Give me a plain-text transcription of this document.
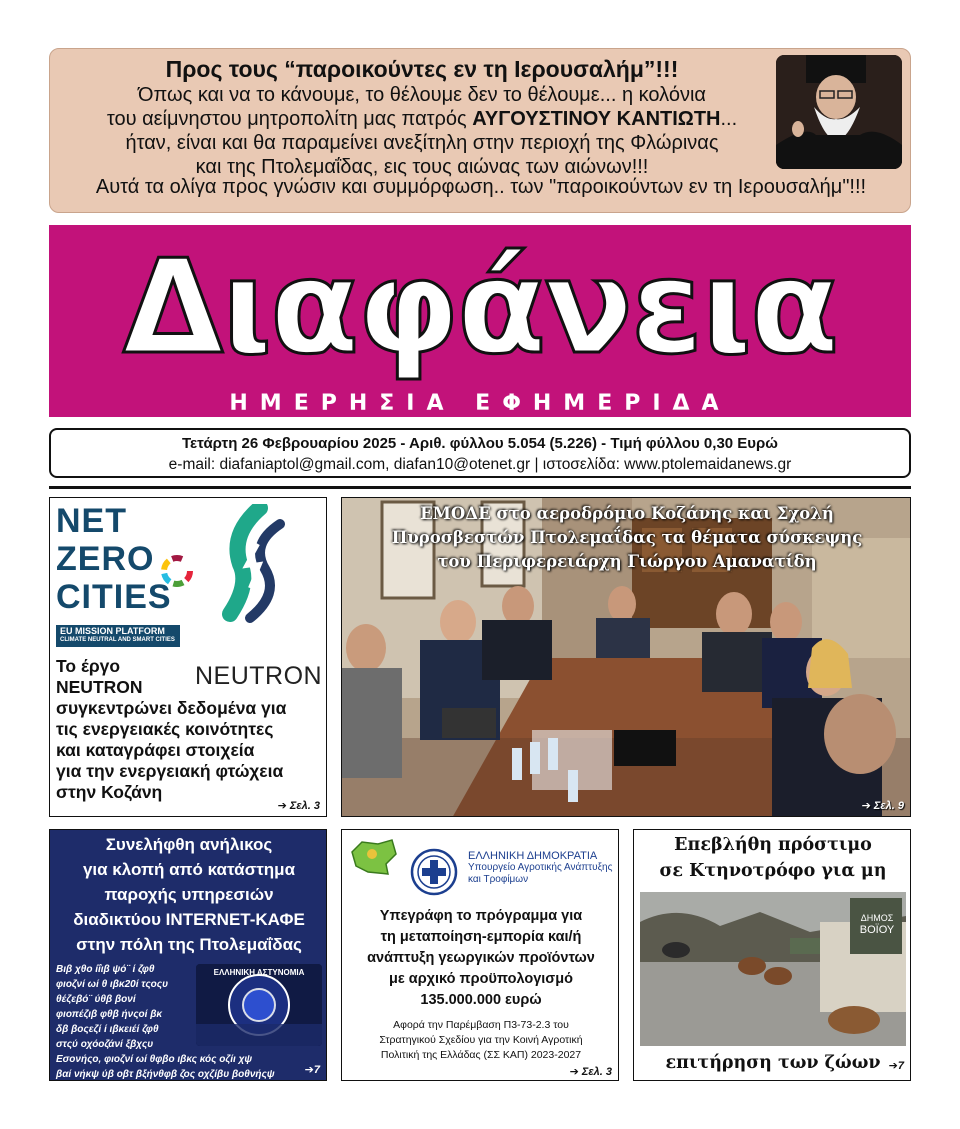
Προς τους “παροικούντες εν τη Ιερουσαλήμ”!!!
Όπως και να το κάνουμε, το θέλουμε δεν το θέλουμε... η κολόνια
του αείμνηστου μητροπολίτη μας πατρός ΑΥΓΟΥΣΤΙΝΟΥ ΚΑΝΤΙΩΤΗ...
ήταν, είναι και θα παραμείνει ανεξίτηλη στην περιοχή της Φλώρινας
και της Πτολεμαΐδας, εις τους αιώνας των αιώνων!!!
Αυτά τα ολίγα προς γνώσιν και συμμόρφωση.. των "παροικούντων εν τη Ιερουσαλήμ"!!!
Διαφάνεια
ΗΜΕΡΗΣΙΑ ΕΦΗΜΕΡΙΔΑ
Τετάρτη 26 Φεβρουαρίου 2025 - Αριθ. φύλλου 5.054 (5.226) - Τιμή φύλλου 0,30 Ευρώ
e-mail: diafaniaptol@gmail.com, diafan10@otenet.gr | ιστοσελίδα: www.ptolemaidanews.gr
NET
ZERO
CITIES
EU MISSION PLATFORM
CLIMATE NEUTRAL AND SMART CITIES
NEUTRON
Το έργο
NEUTRON
συγκεντρώνει δεδομένα για
τις ενεργειακές κοινότητες
και καταγράφει στοιχεία
για την ενεργειακή φτώχεια
στην Κοζάνη
➔ Σελ. 3
ΕΜΟΔΕ στο αεροδρόμιο Κοζάνης και Σχολή
Πυροσβεστών Πτολεμαΐδας τα θέματα σύσκεψης
του Περιφερειάρχη Γιώργου Αμανατίδη
➔ Σελ. 9
Συνελήφθη ανήλικος
για κλοπή από κατάστημα
παροχής υπηρεσιών
διαδικτύου INTERNET-ΚΑΦΕ
στην πόλη της Πτολεμαΐδας
ΕΛΛΗΝΙΚΗ ΑΣΤΥΝΟΜΙΑ
Βιβ χθο ίΐιβ ψό¨ ί ζφθ
φιοζνί ωί θ ιβκ20ί τςοςυ
θέζεβό¨ ύθβ βονί
φιοπέζιβ φθβ ήνςοί βκ
δβ βοςεζί ί ιβκειέί ζφθ
στςύ οχόοζάνί ξβχςυ
Εσονήςο, φιοζνί ωί θφβο ιβκς κός οζίι χψ
βαί νήκψ ύβ οβτ βξήνθφβ ζος οχζίβυ βοθνήςψ	➔7
ΕΛΛΗΝΙΚΗ ΔΗΜΟΚΡΑΤΙΑ
Υπουργείο Αγροτικής Ανάπτυξης
και Τροφίμων
Υπεγράφη το πρόγραμμα για
τη μεταποίηση-εμπορία και/ή
ανάπτυξη γεωργικών προϊόντων
με αρχικό προϋπολογισμό
135.000.000 ευρώ
Αφορά την Παρέμβαση Π3-73-2.3 του
Στρατηγικού Σχεδίου για την Κοινή Αγροτική
Πολιτική της Ελλάδας (ΣΣ ΚΑΠ) 2023-2027
➔ Σελ. 3
Επεβλήθη πρόστιμο
σε Κτηνοτρόφο για μη
ΔΗΜΟΣ
ΒΟΪΟΥ
επιτήρηση των ζώων ➔7
